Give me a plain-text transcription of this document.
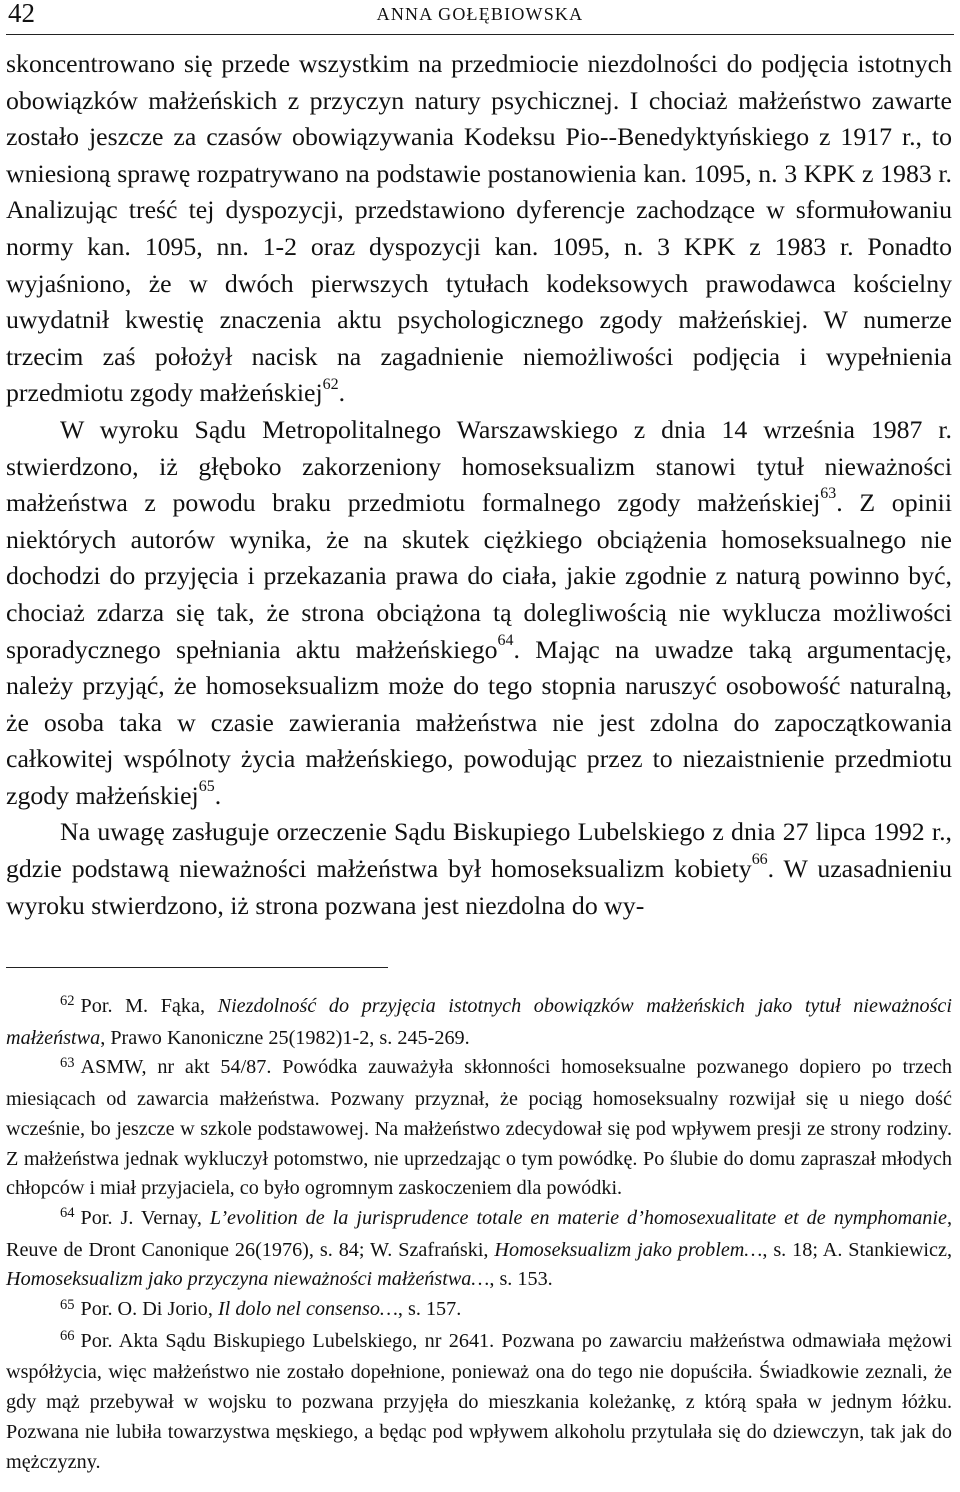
42	ANNA GOŁĘBIOWSKA

skoncentrowano się przede wszystkim na przedmiocie niezdolności do podjęcia istotnych obowiązków małżeńskich z przyczyn natury psychicznej. I chociaż małżeństwo zawarte zostało jeszcze za czasów obowiązywania Kodeksu Pio--Benedyktyńskiego z 1917 r., to wniesioną sprawę rozpatrywano na podstawie postanowienia kan. 1095, n. 3 KPK z 1983 r. Analizując treść tej dyspozycji, przedstawiono dyferencje zachodzące w sformułowaniu normy kan. 1095, nn. 1-2 oraz dyspozycji kan. 1095, n. 3 KPK z 1983 r. Ponadto wyjaśniono, że w dwóch pierwszych tytułach kodeksowych prawodawca kościelny uwydatnił kwestię znaczenia aktu psychologicznego zgody małżeńskiej. W numerze trzecim zaś położył nacisk na zagadnienie niemożliwości podjęcia i wypełnienia przedmiotu zgody małżeńskiej$^{62}$.

W wyroku Sądu Metropolitalnego Warszawskiego z dnia 14 września 1987 r. stwierdzono, iż głęboko zakorzeniony homoseksualizm stanowi tytuł nieważności małżeństwa z powodu braku przedmiotu formalnego zgody małżeńskiej$^{63}$. Z opinii niektórych autorów wynika, że na skutek ciężkiego obciążenia homoseksualnego nie dochodzi do przyjęcia i przekazania prawa do ciała, jakie zgodnie z naturą powinno być, chociaż zdarza się tak, że strona obciążona tą dolegliwością nie wyklucza możliwości sporadycznego spełniania aktu małżeńskiego$^{64}$. Mając na uwadze taką argumentację, należy przyjąć, że homoseksualizm może do tego stopnia naruszyć osobowość naturalną, że osoba taka w czasie zawierania małżeństwa nie jest zdolna do zapoczątkowania całkowitej wspólnoty życia małżeńskiego, powodując przez to niezaistnienie przedmiotu zgody małżeńskiej$^{65}$.

Na uwagę zasługuje orzeczenie Sądu Biskupiego Lubelskiego z dnia 27 lipca 1992 r., gdzie podstawą nieważności małżeństwa był homoseksualizm kobiety$^{66}$. W uzasadnieniu wyroku stwierdzono, iż strona pozwana jest niezdolna do wy-

$^{62}$ Por. M. Fąka, Niezdolność do przyjęcia istotnych obowiązków małżeńskich jako tytuł nieważności małżeństwa, Prawo Kanoniczne 25(1982)1-2, s. 245-269.

$^{63}$ ASMW, nr akt 54/87. Powódka zauważyła skłonności homoseksualne pozwanego dopiero po trzech miesiącach od zawarcia małżeństwa. Pozwany przyznał, że pociąg homoseksualny rozwijał się u niego dość wcześnie, bo jeszcze w szkole podstawowej. Na małżeństwo zdecydował się pod wpływem presji ze strony rodziny. Z małżeństwa jednak wykluczył potomstwo, nie uprzedzając o tym powódkę. Po ślubie do domu zapraszał młodych chłopców i miał przyjaciela, co było ogromnym zaskoczeniem dla powódki.

$^{64}$ Por. J. Vernay, L’evolition de la jurisprudence totale en materie d’homosexualitate et de nymphomanie, Reuve de Dront Canonique 26(1976), s. 84; W. Szafrański, Homoseksualizm jako problem…, s. 18; A. Stankiewicz, Homoseksualizm jako przyczyna nieważności małżeństwa…, s. 153.

$^{65}$ Por. O. Di Jorio, Il dolo nel consenso…, s. 157.

$^{66}$ Por. Akta Sądu Biskupiego Lubelskiego, nr 2641. Pozwana po zawarciu małżeństwa odmawiała mężowi współżycia, więc małżeństwo nie zostało dopełnione, ponieważ ona do tego nie dopuściła. Świadkowie zeznali, że gdy mąż przebywał w wojsku to pozwana przyjęła do mieszkania koleżankę, z którą spała w jednym łóżku. Pozwana nie lubiła towarzystwa męskiego, a będąc pod wpływem alkoholu przytulała się do dziewczyn, tak jak do mężczyzny.
